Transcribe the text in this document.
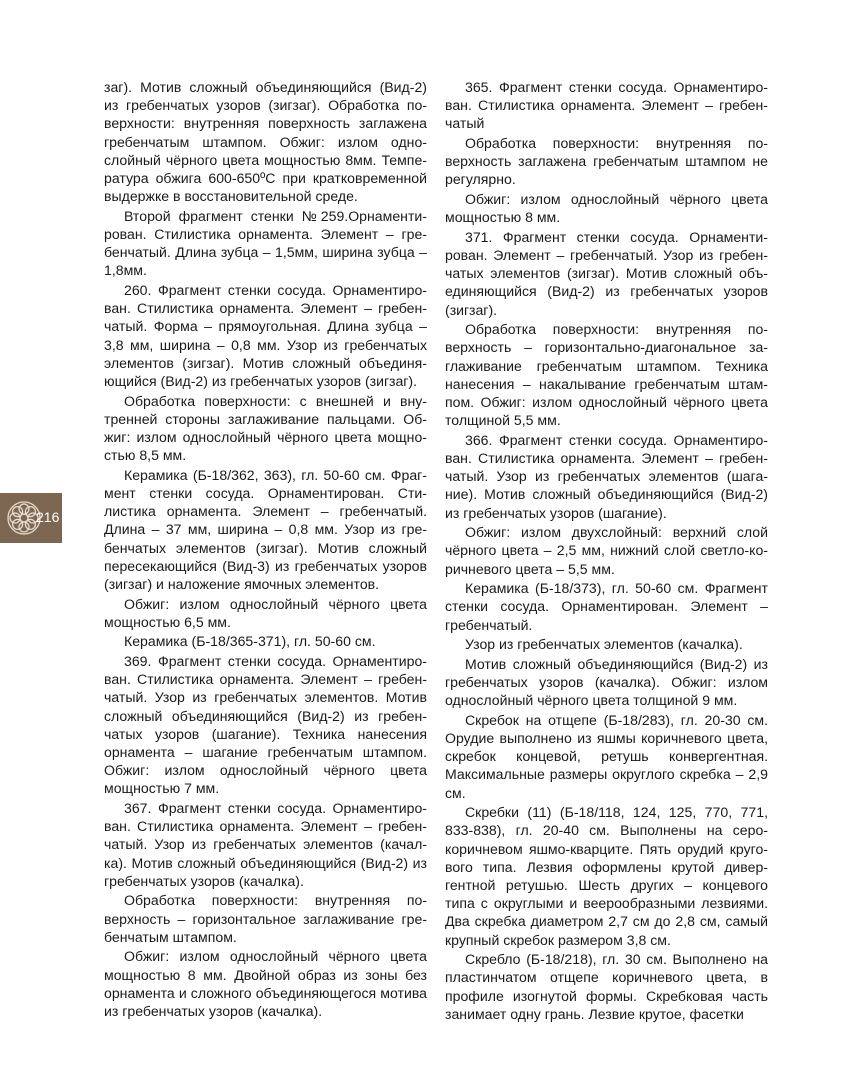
216

заг). Мотив сложный объединяющийся (Вид-2) из гребенчатых узоров (зигзаг). Обработка поверхности: внутренняя поверхность заглажена гребенчатым штампом. Обжиг: излом однослойный чёрного цвета мощностью 8мм. Температура обжига 600-650ºС при кратковременной выдержке в восстановительной среде.

Второй фрагмент стенки №259.Орнаментирован. Стилистика орнамента. Элемент – гребенчатый. Длина зубца – 1,5мм, ширина зубца – 1,8мм.

260. Фрагмент стенки сосуда. Орнаментирован. Стилистика орнамента. Элемент – гребенчатый. Форма – прямоугольная. Длина зубца – 3,8 мм, ширина – 0,8 мм. Узор из гребенчатых элементов (зигзаг). Мотив сложный объединяющийся (Вид-2) из гребенчатых узоров (зигзаг).

Обработка поверхности: с внешней и внутренней стороны заглаживание пальцами. Обжиг: излом однослойный чёрного цвета мощностью 8,5 мм.

Керамика (Б-18/362, 363), гл. 50-60 см. Фрагмент стенки сосуда. Орнаментирован. Стилистика орнамента. Элемент – гребенчатый. Длина – 37 мм, ширина – 0,8 мм. Узор из гребенчатых элементов (зигзаг). Мотив сложный пересекающийся (Вид-3) из гребенчатых узоров (зигзаг) и наложение ямочных элементов.

Обжиг: излом однослойный чёрного цвета мощностью 6,5 мм.

Керамика (Б-18/365-371), гл. 50-60 см.

369. Фрагмент стенки сосуда. Орнаментирован. Стилистика орнамента. Элемент – гребенчатый. Узор из гребенчатых элементов. Мотив сложный объединяющийся (Вид-2) из гребенчатых узоров (шагание). Техника нанесения орнамента – шагание гребенчатым штампом. Обжиг: излом однослойный чёрного цвета мощностью 7 мм.

367. Фрагмент стенки сосуда. Орнаментирован. Стилистика орнамента. Элемент – гребенчатый. Узор из гребенчатых элементов (качалка). Мотив сложный объединяющийся (Вид-2) из гребенчатых узоров (качалка).

Обработка поверхности: внутренняя поверхность – горизонтальное заглаживание гребенчатым штампом.

Обжиг: излом однослойный чёрного цвета мощностью 8 мм. Двойной образ из зоны без орнамента и сложного объединяющегося мотива из гребенчатых узоров (качалка).

365. Фрагмент стенки сосуда. Орнаментирован. Стилистика орнамента. Элемент – гребенчатый

Обработка поверхности: внутренняя поверхность заглажена гребенчатым штампом не регулярно.

Обжиг: излом однослойный чёрного цвета мощностью 8 мм.

371. Фрагмент стенки сосуда. Орнаментирован. Элемент – гребенчатый. Узор из гребенчатых элементов (зигзаг). Мотив сложный объединяющийся (Вид-2) из гребенчатых узоров (зигзаг).

Обработка поверхности: внутренняя поверхность – горизонтально-диагональное заглаживание гребенчатым штампом. Техника нанесения – накалывание гребенчатым штампом. Обжиг: излом однослойный чёрного цвета толщиной 5,5 мм.

366. Фрагмент стенки сосуда. Орнаментирован. Стилистика орнамента. Элемент – гребенчатый. Узор из гребенчатых элементов (шагание). Мотив сложный объединяющийся (Вид-2) из гребенчатых узоров (шагание).

Обжиг: излом двухслойный: верхний слой чёрного цвета – 2,5 мм, нижний слой светло-коричневого цвета – 5,5 мм.

Керамика (Б-18/373), гл. 50-60 см. Фрагмент стенки сосуда. Орнаментирован. Элемент – гребенчатый.

Узор из гребенчатых элементов (качалка).

Мотив сложный объединяющийся (Вид-2) из гребенчатых узоров (качалка). Обжиг: излом однослойный чёрного цвета толщиной 9 мм.

Скребок на отщепе (Б-18/283), гл. 20-30 см. Орудие выполнено из яшмы коричневого цвета, скребок концевой, ретушь конвергентная. Максимальные размеры округлого скребка – 2,9 см.

Скребки (11) (Б-18/118, 124, 125, 770, 771, 833-838), гл. 20-40 см. Выполнены на серо-коричневом яшмо-кварците. Пять орудий кругового типа. Лезвия оформлены крутой дивергентной ретушью. Шесть других – концевого типа с округлыми и веерообразными лезвиями. Два скребка диаметром 2,7 см до 2,8 см, самый крупный скребок размером 3,8 см.

Скребло (Б-18/218), гл. 30 см. Выполнено на пластинчатом отщепе коричневого цвета, в профиле изогнутой формы. Скребковая часть занимает одну грань. Лезвие крутое, фасетки
